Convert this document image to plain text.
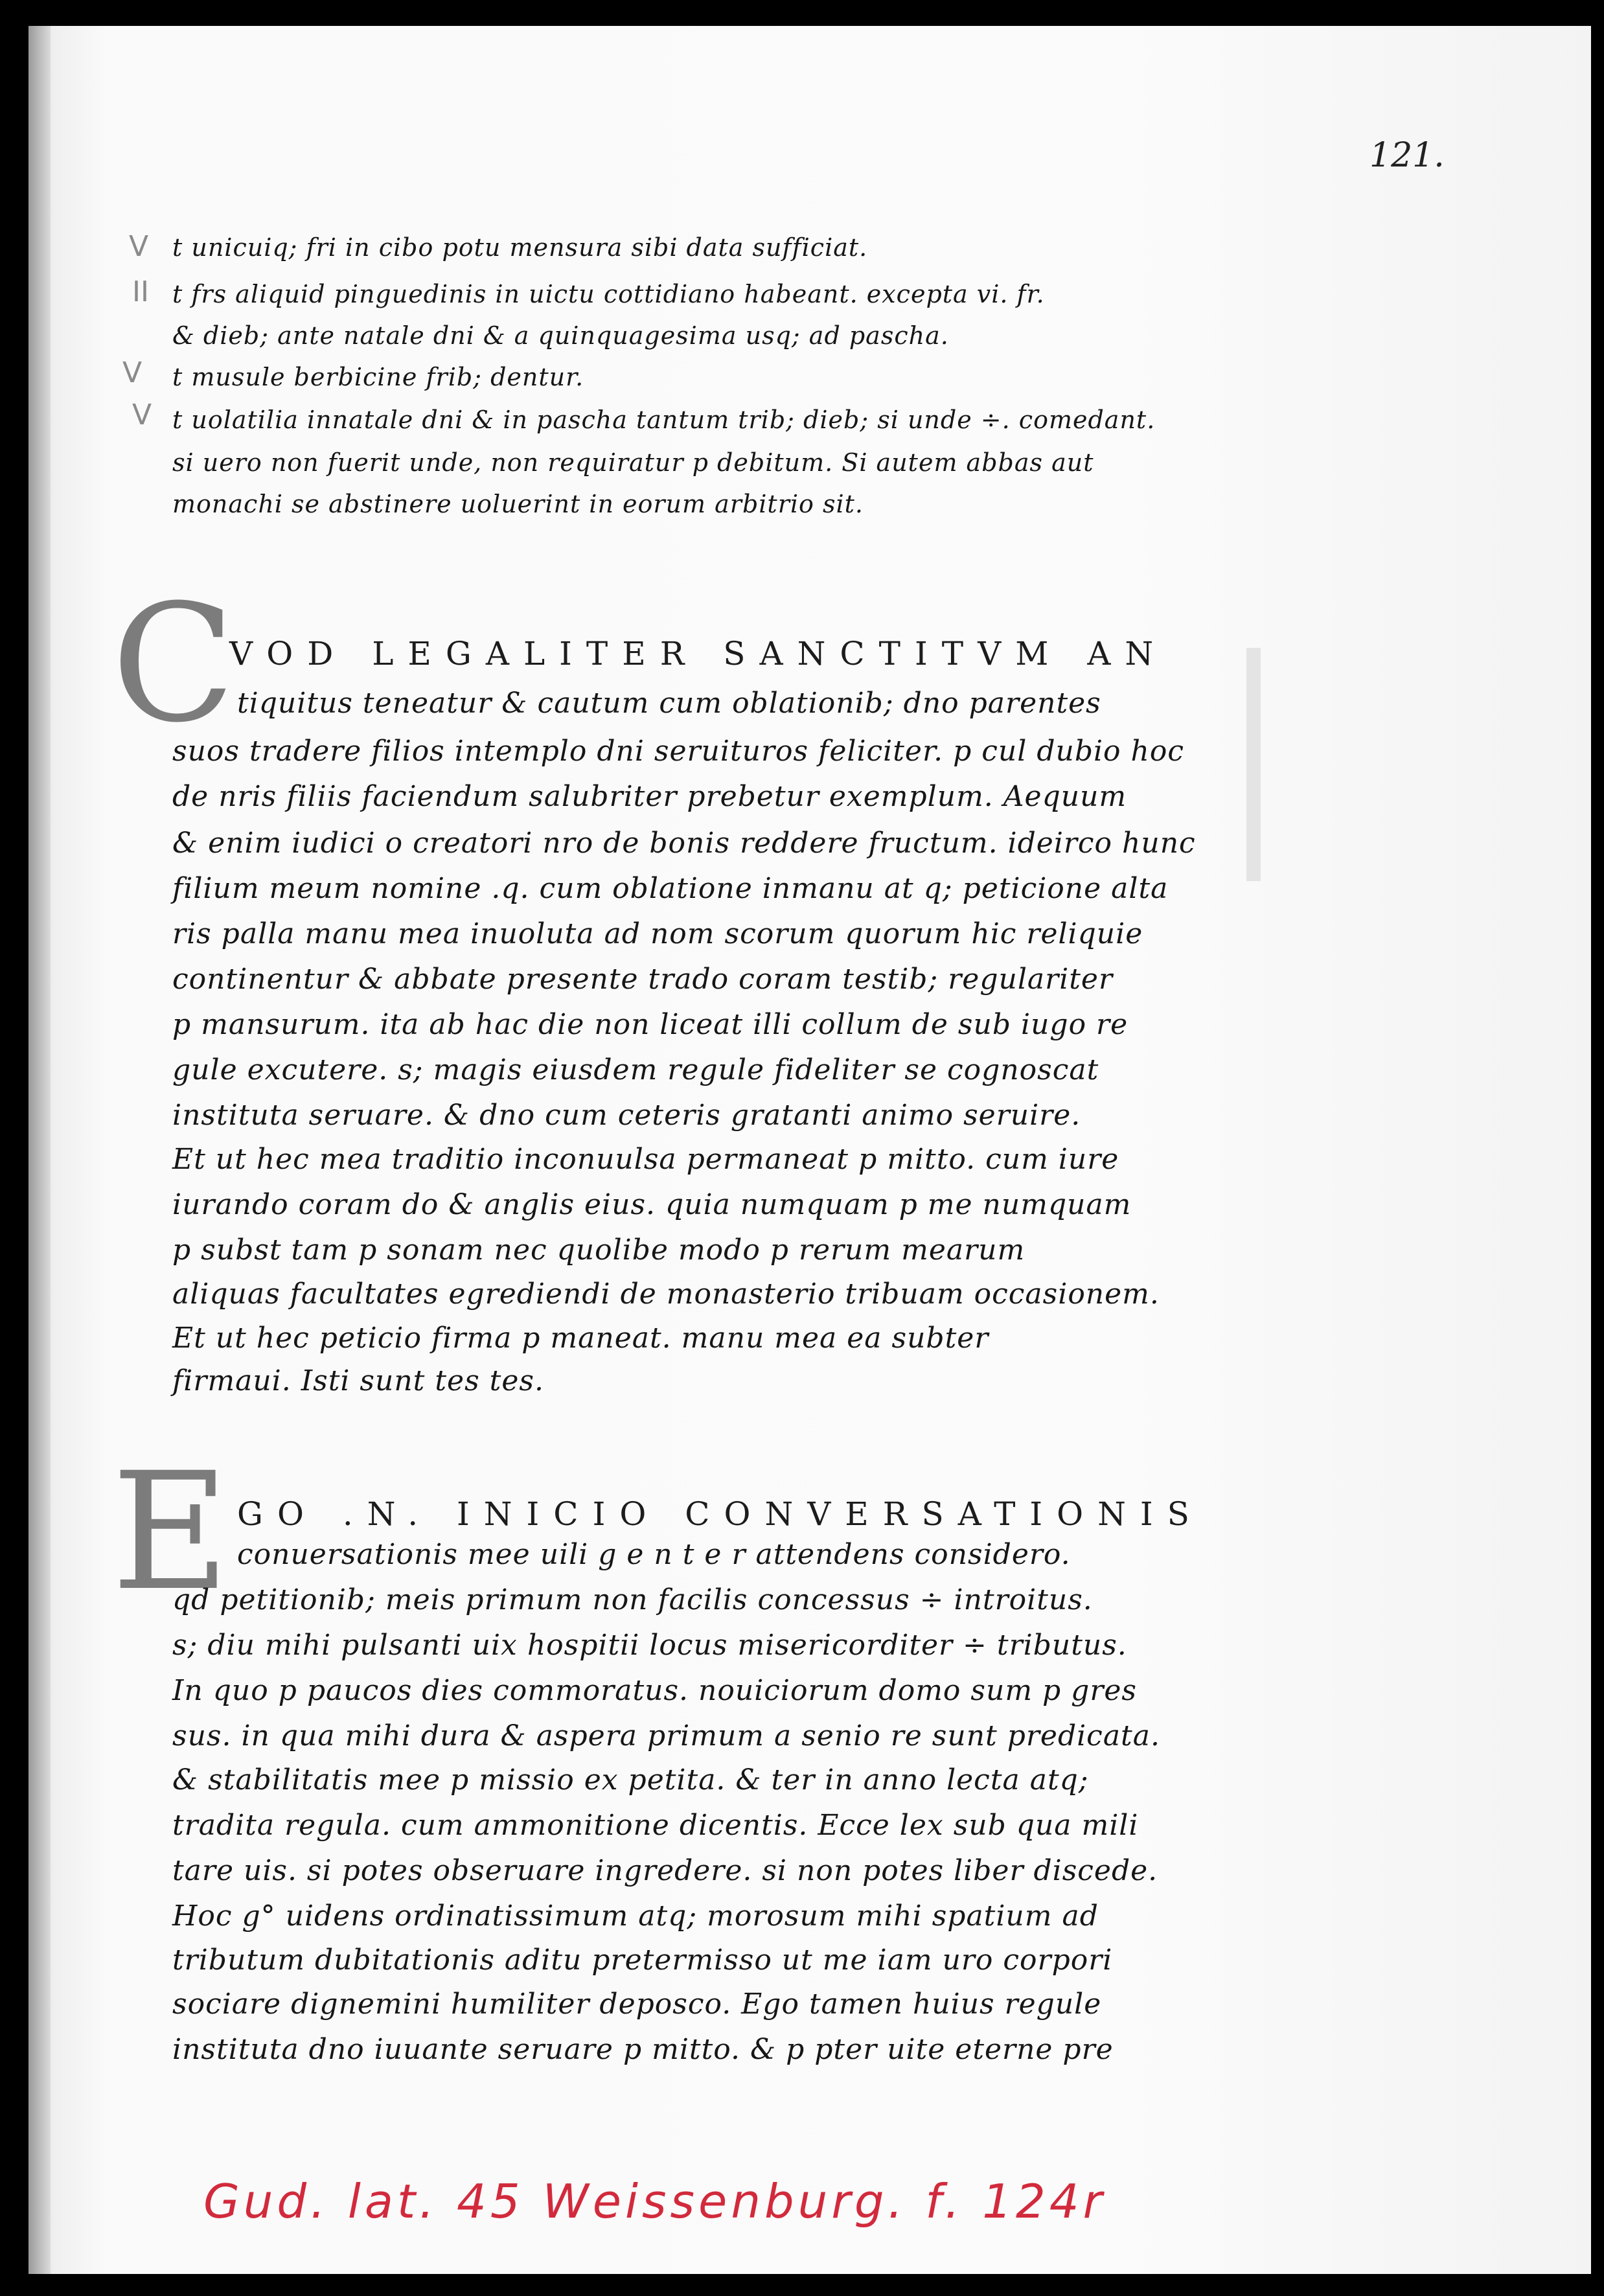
121.
V
II
V
V
t unicuiq; fri in cibo potu mensura sibi data sufficiat.
t frs aliquid pinguedinis in uictu cottidiano habeant. excepta vi. fr.
& dieb; ante natale dni & a quinquagesima usq; ad pascha.
t musule berbicine frib; dentur.
t uolatilia innatale dni & in pascha tantum trib; dieb; si unde ÷. comedant.
si uero non fuerit unde, non requiratur p debitum. Si autem abbas aut
monachi se abstinere uoluerint in eorum arbitrio sit.
C
VOD LEGALITER SANCTITVM AN
tiquitus teneatur & cautum cum oblationib; dno parentes
suos tradere filios intemplo dni seruituros feliciter. p cul dubio hoc
de nris filiis faciendum salubriter prebetur exemplum. Aequum
& enim iudici o creatori nro de bonis reddere fructum. ideirco hunc
filium meum nomine .q. cum oblatione inmanu at q; peticione alta
ris palla manu mea inuoluta ad nom scorum quorum hic reliquie
continentur & abbate presente trado coram testib; regulariter
p mansurum. ita ab hac die non liceat illi collum de sub iugo re
gule excutere. s; magis eiusdem regule fideliter se cognoscat
instituta seruare. & dno cum ceteris gratanti animo seruire.
Et ut hec mea traditio inconuulsa permaneat p mitto. cum iure
iurando coram do & anglis eius. quia numquam p me numquam
p subst tam p sonam nec quolibe modo p rerum mearum
aliquas facultates egrediendi de monasterio tribuam occasionem.
Et ut hec peticio firma p maneat. manu mea ea subter
firmaui. Isti sunt tes tes.
E GO .N. INICIO CONVERSATIONIS
conuersationis mee uili g e n t e r attendens considero.
qd petitionib; meis primum non facilis concessus ÷ introitus.
s; diu mihi pulsanti uix hospitii locus misericorditer ÷ tributus.
In quo p paucos dies commoratus. nouiciorum domo sum p gres
sus. in qua mihi dura & aspera primum a senio re sunt predicata.
& stabilitatis mee p missio ex petita. & ter in anno lecta atq;
tradita regula. cum ammonitione dicentis. Ecce lex sub qua mili
tare uis. si potes obseruare ingredere. si non potes liber discede.
Hoc g° uidens ordinatissimum atq; morosum mihi spatium ad
tributum dubitationis aditu pretermisso ut me iam uro corpori
sociare dignemini humiliter deposco. Ego tamen huius regule
instituta dno iuuante seruare p mitto. & p pter uite eterne pre
Gud. lat. 45 Weissenburg. f. 124r
